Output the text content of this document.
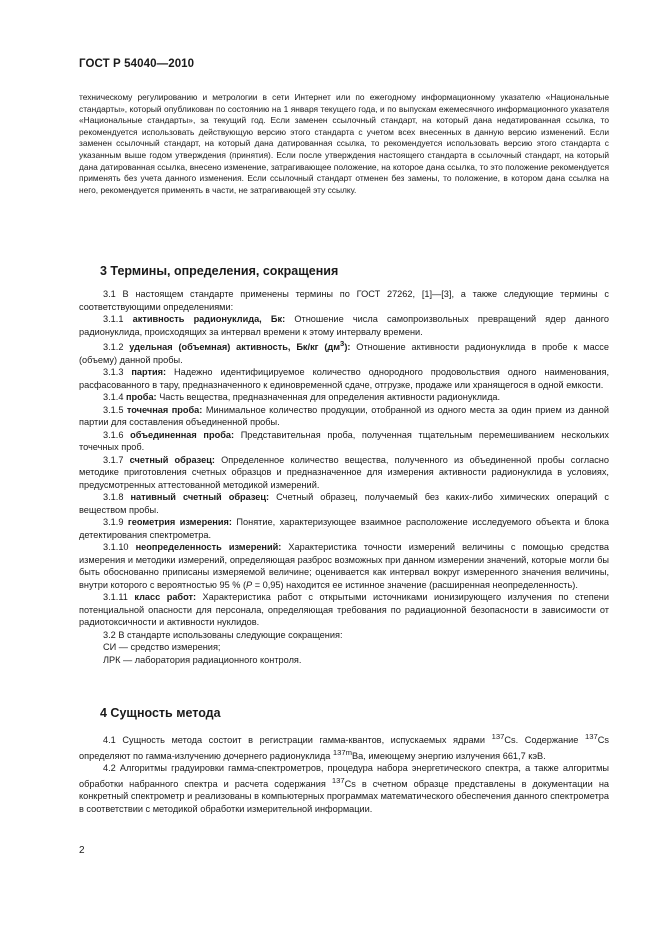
ГОСТ Р 54040—2010

техническому регулированию и метрологии в сети Интернет или по ежегодному информационному указателю «Национальные стандарты», который опубликован по состоянию на 1 января текущего года, и по выпускам ежемесячного информационного указателя «Национальные стандарты», за текущий год. Если заменен ссылочный стандарт, на который дана недатированная ссылка, то рекомендуется использовать действующую версию этого стандарта с учетом всех внесенных в данную версию изменений. Если заменен ссылочный стандарт, на который дана датированная ссылка, то рекомендуется использовать версию этого стандарта с указанным выше годом утверждения (принятия). Если после утверждения настоящего стандарта в ссылочный стандарт, на который дана датированная ссылка, внесено изменение, затрагивающее положение, на которое дана ссылка, то это положение рекомендуется применять без учета данного изменения. Если ссылочный стандарт отменен без замены, то положение, в котором дана ссылка на него, рекомендуется применять в части, не затрагивающей эту ссылку.

3 Термины, определения, сокращения

3.1 В настоящем стандарте применены термины по ГОСТ 27262, [1]—[3], а также следующие термины с соответствующими определениями:

3.1.1 активность радионуклида, Бк: Отношение числа самопроизвольных превращений ядер данного радионуклида, происходящих за интервал времени к этому интервалу времени.

3.1.2 удельная (объемная) активность, Бк/кг $(дм^3)$: Отношение активности радионуклида в пробе к массе (объему) данной пробы.

3.1.3 партия: Надежно идентифицируемое количество однородного продовольствия одного наименования, расфасованного в тару, предназначенного к единовременной сдаче, отгрузке, продаже или хранящегося в одной емкости.

3.1.4 проба: Часть вещества, предназначенная для определения активности радионуклида.

3.1.5 точечная проба: Минимальное количество продукции, отобранной из одного места за один прием из данной партии для составления объединенной пробы.

3.1.6 объединенная проба: Представительная проба, полученная тщательным перемешиванием нескольких точечных проб.

3.1.7 счетный образец: Определенное количество вещества, полученного из объединенной пробы согласно методике приготовления счетных образцов и предназначенное для измерения активности радионуклида в условиях, предусмотренных аттестованной методикой измерений.

3.1.8 нативный счетный образец: Счетный образец, получаемый без каких-либо химических операций с веществом пробы.

3.1.9 геометрия измерения: Понятие, характеризующее взаимное расположение исследуемого объекта и блока детектирования спектрометра.

3.1.10 неопределенность измерений: Характеристика точности измерений величины с помощью средства измерения и методики измерений, определяющая разброс возможных при данном измерении значений, которые могли бы быть обоснованно приписаны измеряемой величине; оценивается как интервал вокруг измеренного значения величины, внутри которого с вероятностью 95 % (P = 0,95) находится ее истинное значение (расширенная неопределенность).

3.1.11 класс работ: Характеристика работ с открытыми источниками ионизирующего излучения по степени потенциальной опасности для персонала, определяющая требования по радиационной безопасности в зависимости от радиотоксичности и активности нуклидов.

3.2 В стандарте использованы следующие сокращения:

СИ — средство измерения;

ЛРК — лаборатория радиационного контроля.

4 Сущность метода

4.1 Сущность метода состоит в регистрации гамма-квантов, испускаемых ядрами $^{137}$Cs. Содержание $^{137}$Cs определяют по гамма-излучению дочернего радионуклида $^{137m}$Ba, имеющему энергию излучения 661,7 кэВ.

4.2 Алгоритмы градуировки гамма-спектрометров, процедура набора энергетического спектра, а также алгоритмы обработки набранного спектра и расчета содержания $^{137}$Cs в счетном образце представлены в документации на конкретный спектрометр и реализованы в компьютерных программах математического обеспечения данного спектрометра в соответствии с методикой обработки измерительной информации.

2
